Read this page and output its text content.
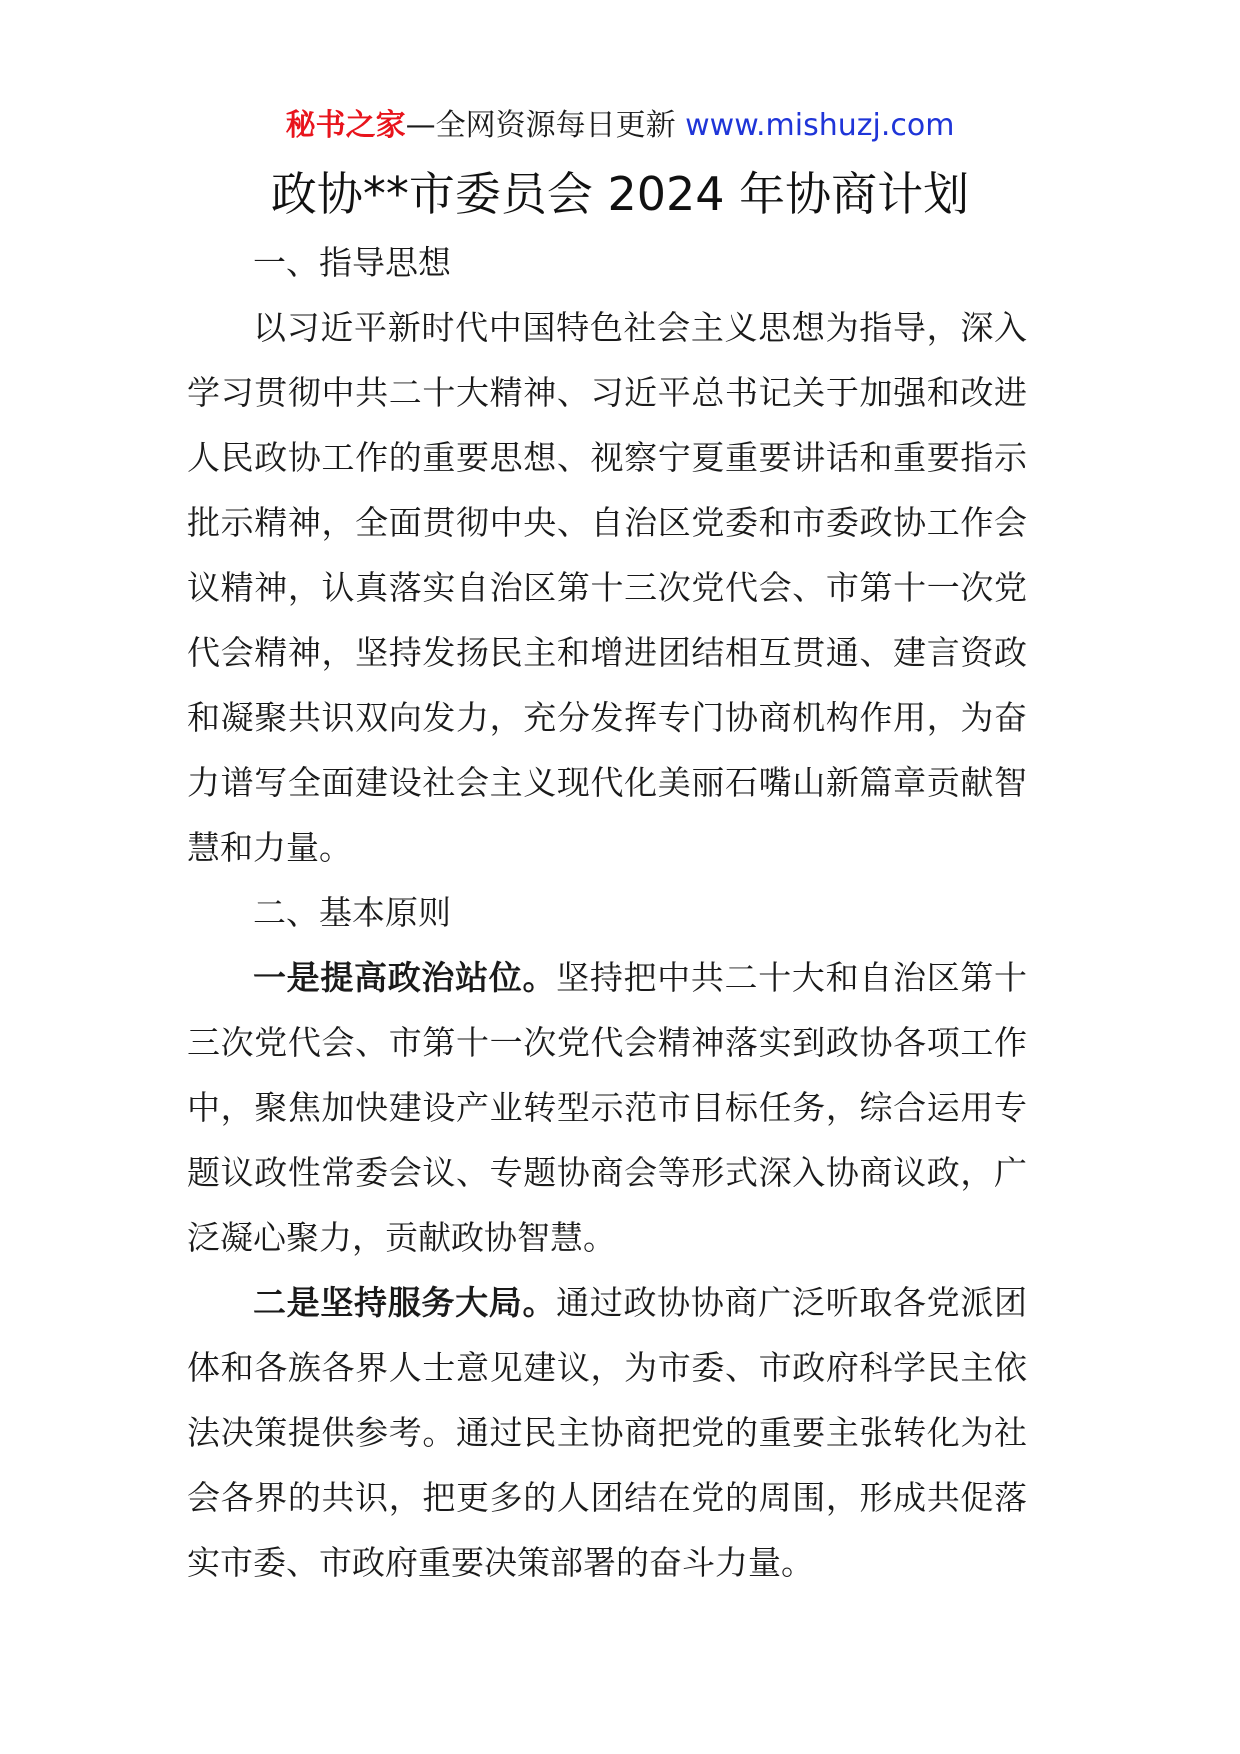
秘书之家—全网资源每日更新 www.mishuzj.com
政协**市委员会 2024 年协商计划

一、指导思想

以习近平新时代中国特色社会主义思想为指导，深入学习贯彻中共二十大精神、习近平总书记关于加强和改进人民政协工作的重要思想、视察宁夏重要讲话和重要指示批示精神，全面贯彻中央、自治区党委和市委政协工作会议精神，认真落实自治区第十三次党代会、市第十一次党代会精神，坚持发扬民主和增进团结相互贯通、建言资政和凝聚共识双向发力，充分发挥专门协商机构作用，为奋力谱写全面建设社会主义现代化美丽石嘴山新篇章贡献智慧和力量。

二、基本原则

一是提高政治站位。坚持把中共二十大和自治区第十三次党代会、市第十一次党代会精神落实到政协各项工作中，聚焦加快建设产业转型示范市目标任务，综合运用专题议政性常委会议、专题协商会等形式深入协商议政，广泛凝心聚力，贡献政协智慧。

二是坚持服务大局。通过政协协商广泛听取各党派团体和各族各界人士意见建议，为市委、市政府科学民主依法决策提供参考。通过民主协商把党的重要主张转化为社会各界的共识，把更多的人团结在党的周围，形成共促落实市委、市政府重要决策部署的奋斗力量。
